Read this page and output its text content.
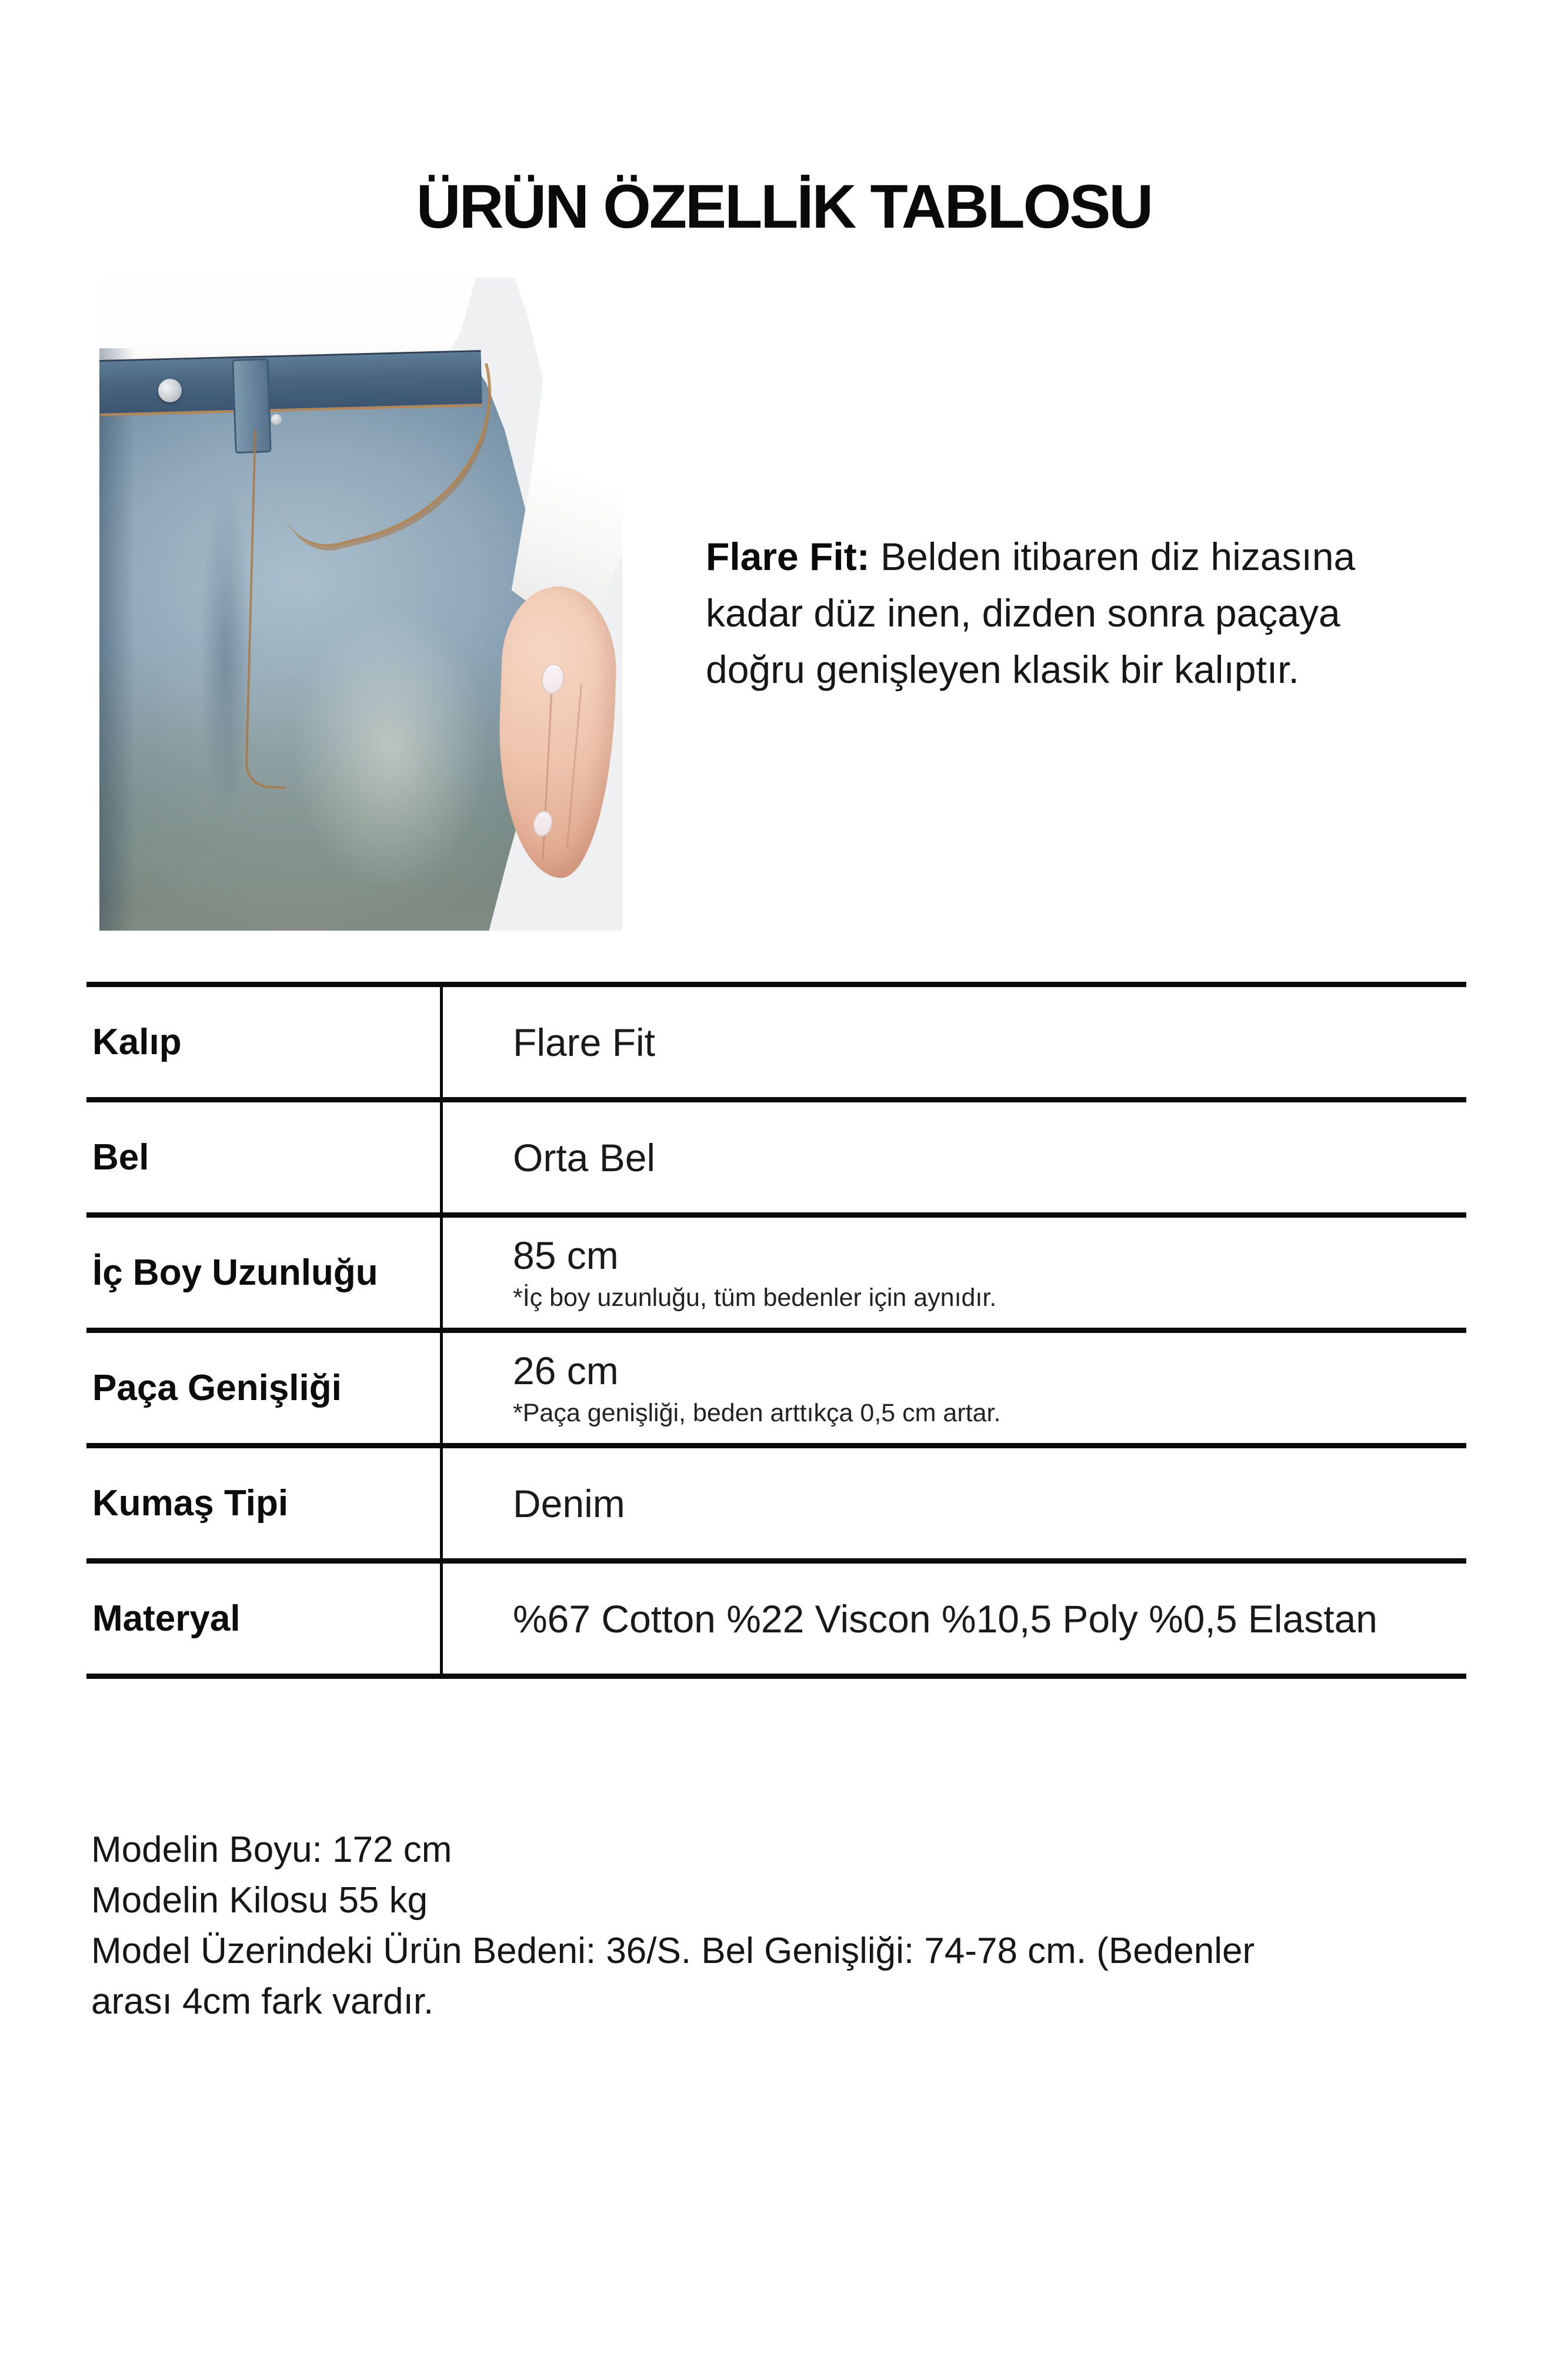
ÜRÜN ÖZELLİK TABLOSU
Flare Fit: Belden itibaren diz hizasına
kadar düz inen, dizden sonra paçaya
doğru genişleyen klasik bir kalıptır.
Kalıp	Flare Fit
Bel	Orta Bel
İç Boy Uzunluğu	85 cm
*İç boy uzunluğu, tüm bedenler için aynıdır.
Paça Genişliği	26 cm
*Paça genişliği, beden arttıkça 0,5 cm artar.
Kumaş Tipi	Denim
Materyal	%67 Cotton %22 Viscon %10,5 Poly %0,5 Elastan
Modelin Boyu: 172 cm
Modelin Kilosu 55 kg
Model Üzerindeki Ürün Bedeni: 36/S. Bel Genişliği: 74-78 cm. (Bedenler
arası 4cm fark vardır.
